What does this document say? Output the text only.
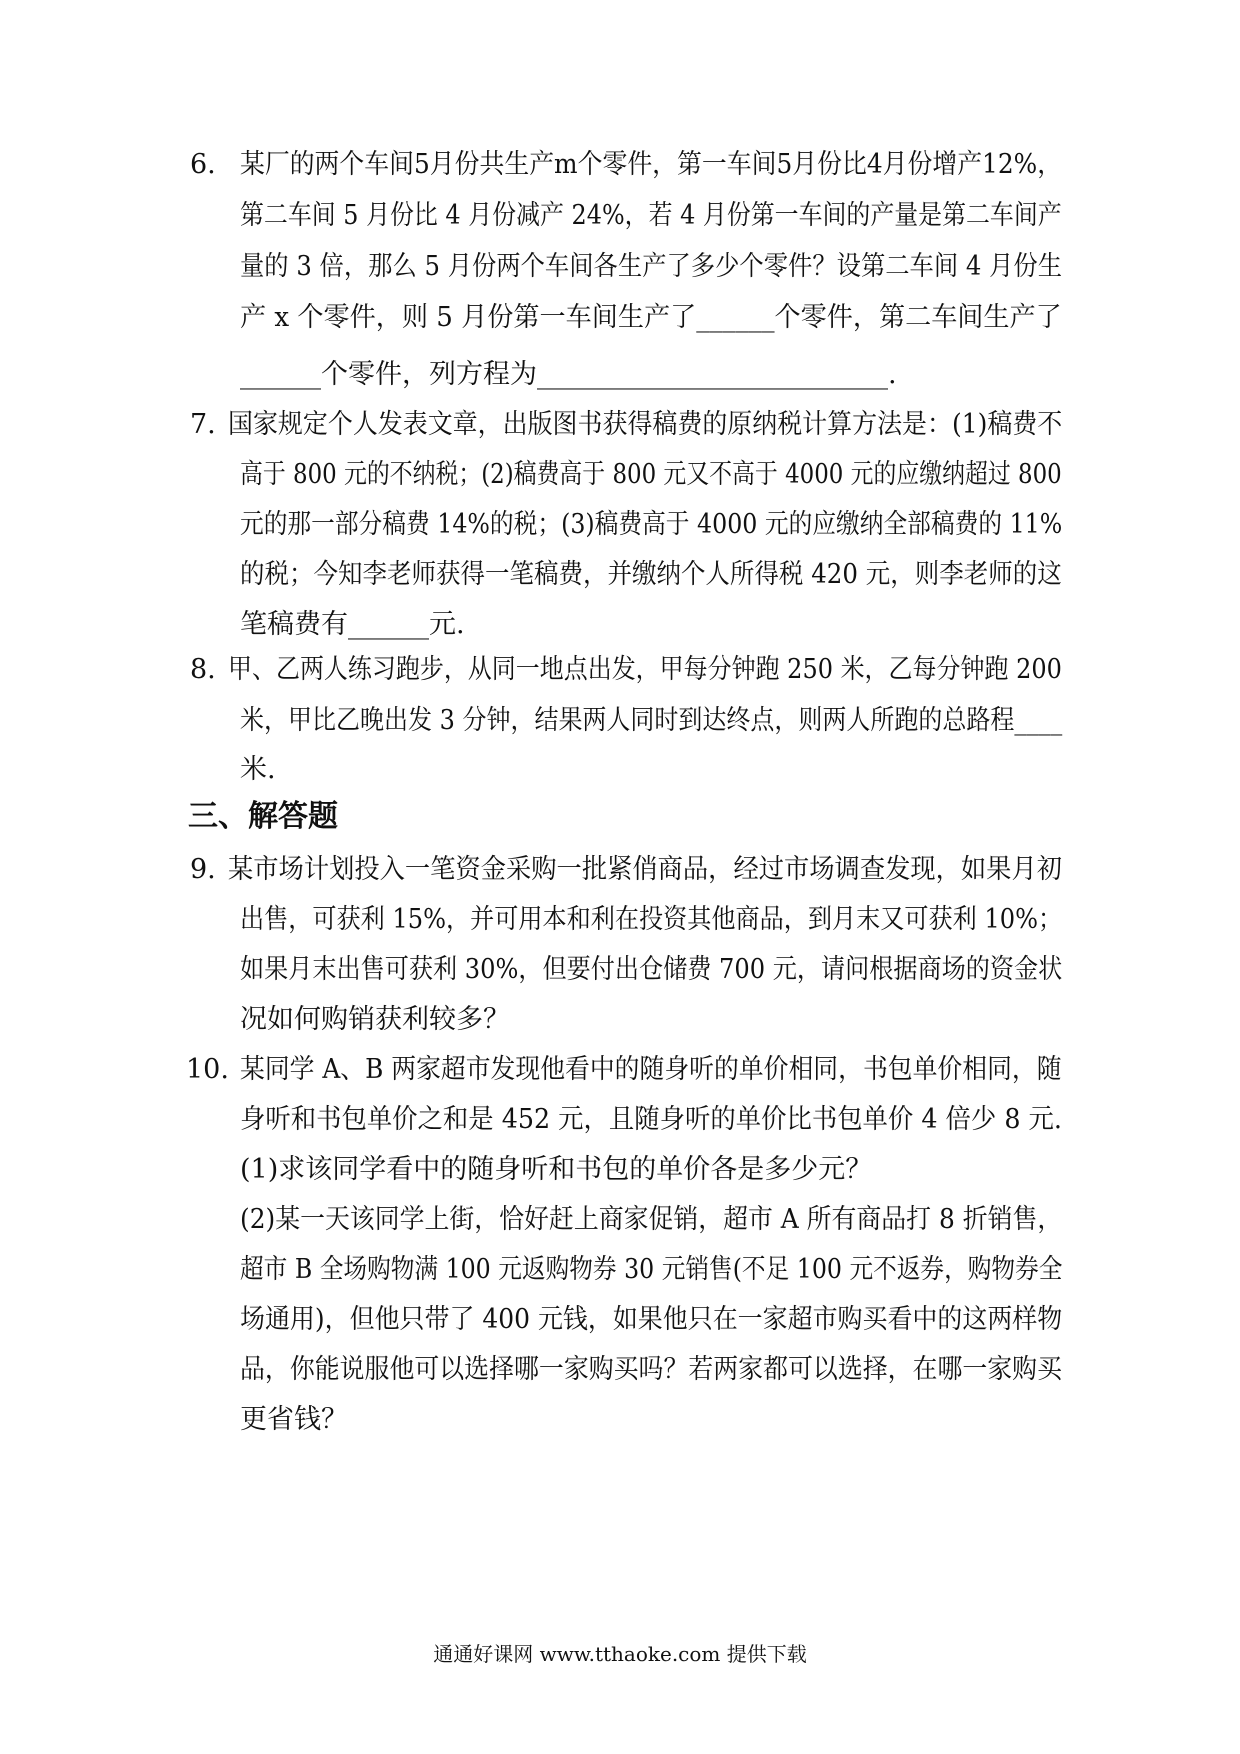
6. 某厂的两个车间5月份共生产m个零件，第一车间5月份比4月份增产12%，
第二车间 5 月份比 4 月份减产 24%，若 4 月份第一车间的产量是第二车间产
量的 3 倍，那么 5 月份两个车间各生产了多少个零件？设第二车间 4 月份生
产 x 个零件，则 5 月份第一车间生产了______个零件，第二车间生产了
______个零件，列方程为__________________________.
7. 国家规定个人发表文章，出版图书获得稿费的原纳税计算方法是：(1)稿费不
高于 800 元的不纳税；(2)稿费高于 800 元又不高于 4000 元的应缴纳超过 800
元的那一部分稿费 14%的税；(3)稿费高于 4000 元的应缴纳全部稿费的 11%
的税；今知李老师获得一笔稿费，并缴纳个人所得税 420 元，则李老师的这
笔稿费有______元.
8. 甲、乙两人练习跑步，从同一地点出发，甲每分钟跑 250 米，乙每分钟跑 200
米，甲比乙晚出发 3 分钟，结果两人同时到达终点，则两人所跑的总路程____
米.
三、解答题
9. 某市场计划投入一笔资金采购一批紧俏商品，经过市场调查发现，如果月初
出售，可获利 15%，并可用本和利在投资其他商品，到月末又可获利 10%；
如果月末出售可获利 30%，但要付出仓储费 700 元，请问根据商场的资金状
况如何购销获利较多？
10. 某同学 A、B 两家超市发现他看中的随身听的单价相同，书包单价相同，随
身听和书包单价之和是 452 元，且随身听的单价比书包单价 4 倍少 8 元.
(1)求该同学看中的随身听和书包的单价各是多少元？
(2)某一天该同学上街，恰好赶上商家促销，超市 A 所有商品打 8 折销售，
超市 B 全场购物满 100 元返购物券 30 元销售(不足 100 元不返券，购物券全
场通用)，但他只带了 400 元钱，如果他只在一家超市购买看中的这两样物
品，你能说服他可以选择哪一家购买吗？若两家都可以选择，在哪一家购买
更省钱？
通通好课网 www.tthaoke.com 提供下载
